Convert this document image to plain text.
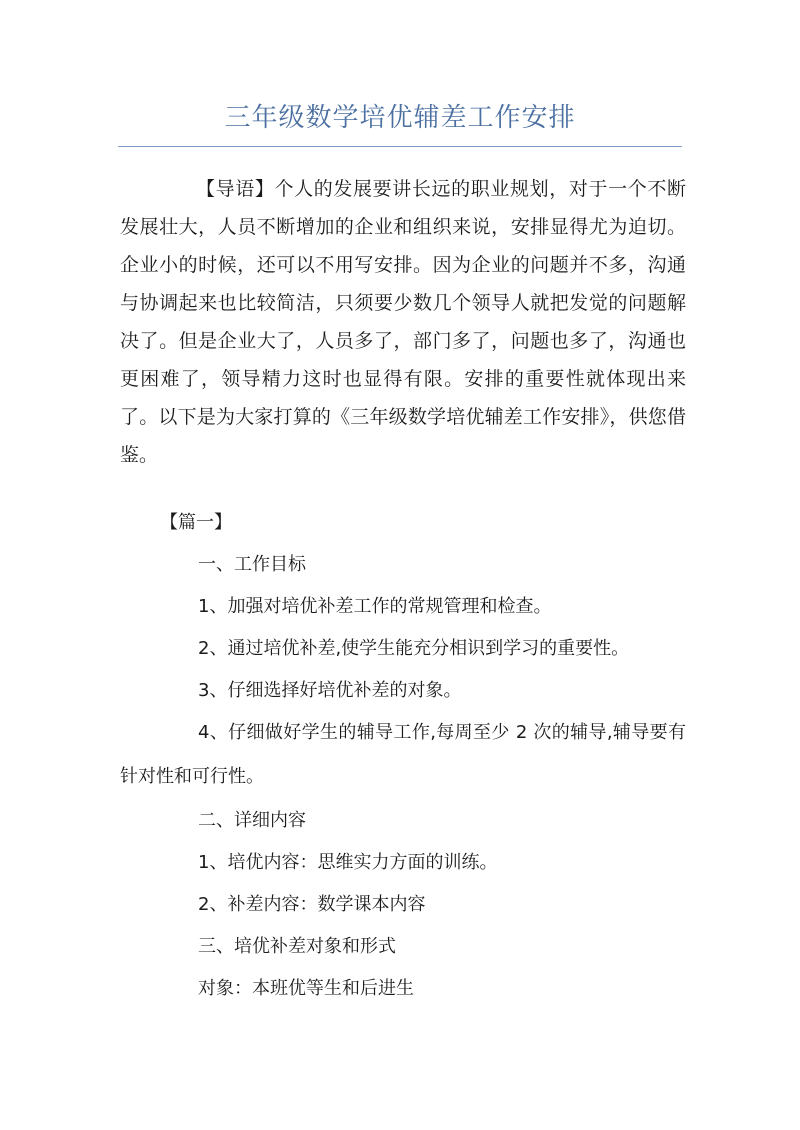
三年级数学培优辅差工作安排

【导语】个人的发展要讲长远的职业规划，对于一个不断发展壮大，人员不断增加的企业和组织来说，安排显得尤为迫切。企业小的时候，还可以不用写安排。因为企业的问题并不多，沟通与协调起来也比较简洁，只须要少数几个领导人就把发觉的问题解决了。但是企业大了，人员多了，部门多了，问题也多了，沟通也更困难了，领导精力这时也显得有限。安排的重要性就体现出来了。以下是为大家打算的《三年级数学培优辅差工作安排》，供您借鉴。

【篇一】

一、工作目标

1、加强对培优补差工作的常规管理和检查。

2、通过培优补差,使学生能充分相识到学习的重要性。

3、仔细选择好培优补差的对象。

4、仔细做好学生的辅导工作,每周至少 2 次的辅导,辅导要有针对性和可行性。

二、详细内容

1、培优内容：思维实力方面的训练。

2、补差内容：数学课本内容

三、培优补差对象和形式

对象：本班优等生和后进生
